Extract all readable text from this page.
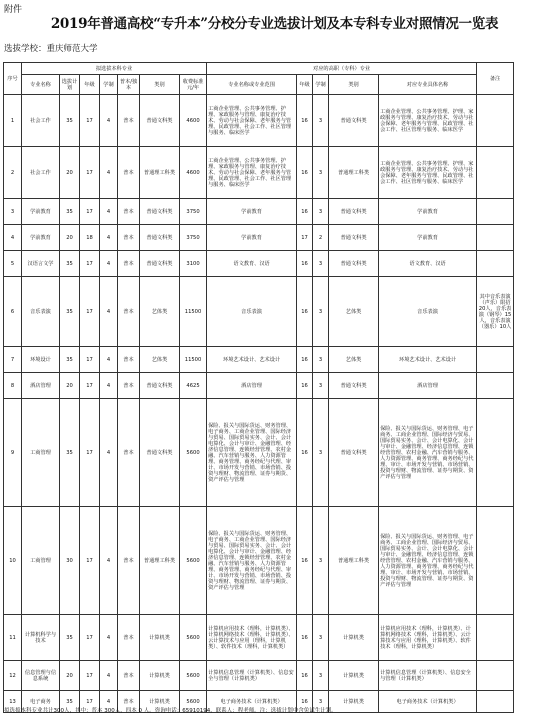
附件
2019年普通高校“专升本”分校分专业选拔计划及本专科专业对照情况一览表
选拔学校：重庆师范大学
序号	拟选拔本科专业							对应的高职（专科）专业					备注
	专业名称	选拔计划	年级	学制	普本/独本	类别	收费标准元/年	专业名称或专业范围	年级	学制	类别	对应专业具体名称	
1	社会工作	35	17	4	普本	普通文科类	4600	工商企业管理、公共事务管理、护理、家政服务与管理、康复治疗技术、劳动与社会保障、老年服务与管理、民政管理、社会工作、社区管理与服务、临床医学	16	3	普通文科类	工商企业管理、公共事务管理、护理、家政服务与管理、康复治疗技术、劳动与社会保障、老年服务与管理、民政管理、社会工作、社区管理与服务、临床医学	
2	社会工作	20	17	4	普本	普通理工科类	4600	工商企业管理、公共事务管理、护理、家政服务与管理、康复治疗技术、劳动与社会保障、老年服务与管理、民政管理、社会工作、社区管理与服务、临床医学	16	3	普通理工科类	工商企业管理、公共事务管理、护理、家政服务与管理、康复治疗技术、劳动与社会保障、老年服务与管理、民政管理、社会工作、社区管理与服务、临床医学	
3	学前教育	35	17	4	普本	普通文科类	3750	学前教育	16	3	普通文科类	学前教育	
4	学前教育	20	18	4	普本	普通文科类	3750	学前教育	17	2	普通文科类	学前教育	
5	汉语言文学	35	17	4	普本	普通文科类	3100	语文教育、汉语	16	3	普通文科类	语文教育、汉语	
6	音乐表演	35	17	4	普本	艺体类	11500	音乐表演	16	3	艺体类	音乐表演	其中音乐表演（声乐）限招20人，音乐表演（钢琴）15人，音乐表演（器乐）10人
7	环境设计	35	17	4	普本	艺体类	11500	环境艺术设计、艺术设计	16	3	艺体类	环境艺术设计、艺术设计	
8	酒店管理	20	17	4	普本	普通文科类	4625	酒店管理	16	3	普通文科类	酒店管理	
9	工商管理	35	17	4	普本	普通文科类	5600	保险、报关与国际货运、财务管理、电子商务、工商企业管理、国际经济与贸易、国际贸易实务、会计、会计电算化、会计与审计、金融管理、经济信息管理、连锁经营管理、农村金融、汽车营销与服务、人力资源管理、商务管理、商务经纪与代理、审计、市场开发与营销、市场营销、投资与理财、物流管理、证券与期货、资产评估与管理	16	3	普通文科类	保险、报关与国际货运、财务管理、电子商务、工商企业管理、国际经济与贸易、国际贸易实务、会计、会计电算化、会计与审计、金融管理、经济信息管理、连锁经营管理、农村金融、汽车营销与服务、人力资源管理、商务管理、商务经纪与代理、审计、市场开发与营销、市场营销、投资与理财、物流管理、证券与期货、资产评估与管理	
10	工商管理	30	17	4	普本	普通理工科类	5600	保险、报关与国际货运、财务管理、电子商务、工商企业管理、国际经济与贸易、国际贸易实务、会计、会计电算化、会计与审计、金融管理、经济信息管理、连锁经营管理、农村金融、汽车营销与服务、人力资源管理、商务管理、商务经纪与代理、审计、市场开发与营销、市场营销、投资与理财、物流管理、证券与期货、资产评估与管理	16	3	普通理工科类	保险、报关与国际货运、财务管理、电子商务、工商企业管理、国际经济与贸易、国际贸易实务、会计、会计电算化、会计与审计、金融管理、经济信息管理、连锁经营管理、农村金融、汽车营销与服务、人力资源管理、商务管理、商务经纪与代理、审计、市场开发与营销、市场营销、投资与理财、物流管理、证券与期货、资产评估与管理	
11	计算机科学与技术	35	17	4	普本	计算机类	5600	计算机应用技术（理科，计算机类）、计算机网络技术（理科，计算机类）、云计算技术与应用（理科，计算机类）、软件技术（理科，计算机类）	16	3	计算机类	计算机应用技术（理科，计算机类）、计算机网络技术（理科，计算机类）、云计算技术与应用（理科，计算机类）、软件技术（理科，计算机类）	
12	信息管理与信息系统	20	17	4	普本	计算机类	5600	计算机信息管理（计算机类）、信息安全与管理（计算机类）	16	3	计算机类	计算机信息管理（计算机类）、信息安全与管理（计算机类）	
13	电子商务	35	17	4	普本	计算机类	5600	电子商务技术（计算机类）	16	3	计算机类	电子商务技术（计算机类）	
拟选拔本科专业共计300人，其中：普本 300人，四本 0 人。咨询电话：65910194，联系人：程老师。注：选拔计划中含免试生计划。
